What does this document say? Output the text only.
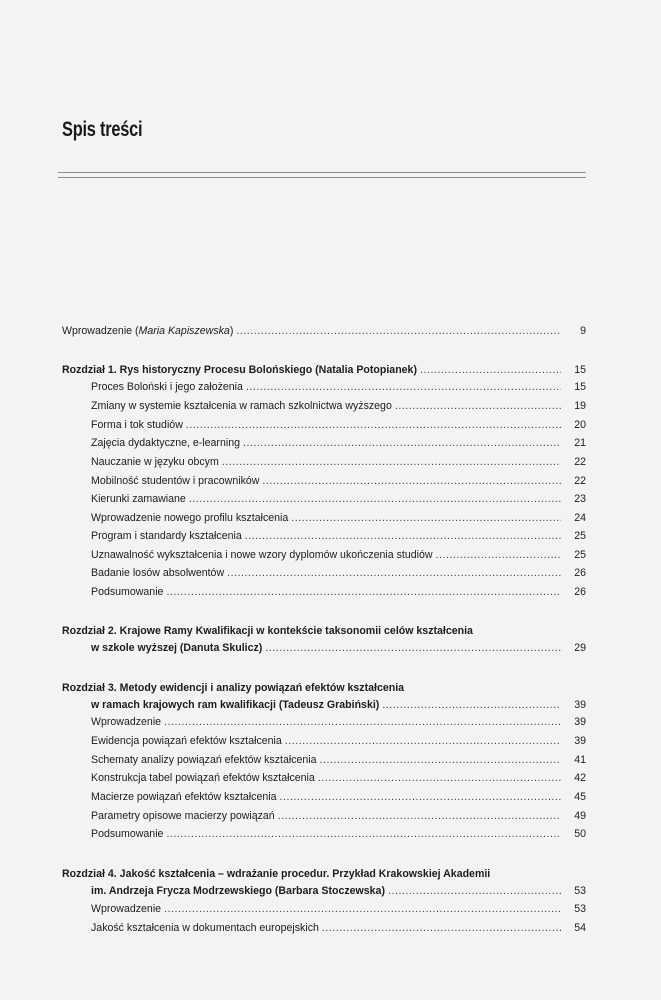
Spis treści
Wprowadzenie (Maria Kapiszewska) . . .	9
Rozdział 1. Rys historyczny Procesu Bolońskiego (Natalia Potopianek) . . .	15
Proces Boloński i jego założenia . . .	15
Zmiany w systemie kształcenia w ramach szkolnictwa wyższego . . .	19
Forma i tok studiów . . .	20
Zajęcia dydaktyczne, e-learning . . .	21
Nauczanie w języku obcym . . .	22
Mobilność studentów i pracowników . . .	22
Kierunki zamawiane . . .	23
Wprowadzenie nowego profilu kształcenia . . .	24
Program i standardy kształcenia . . .	25
Uznawalność wykształcenia i nowe wzory dyplomów ukończenia studiów . . .	25
Badanie losów absolwentów . . .	26
Podsumowanie . . .	26
Rozdział 2. Krajowe Ramy Kwalifikacji w kontekście taksonomii celów kształcenia
w szkole wyższej (Danuta Skulicz) . . .	29
Rozdział 3. Metody ewidencji i analizy powiązań efektów kształcenia
w ramach krajowych ram kwalifikacji (Tadeusz Grabiński) . . .	39
Wprowadzenie . . .	39
Ewidencja powiązań efektów kształcenia . . .	39
Schematy analizy powiązań efektów kształcenia . . .	41
Konstrukcja tabel powiązań efektów kształcenia . . .	42
Macierze powiązań efektów kształcenia . . .	45
Parametry opisowe macierzy powiązań . . .	49
Podsumowanie . . .	50
Rozdział 4. Jakość kształcenia – wdrażanie procedur. Przykład Krakowskiej Akademii
im. Andrzeja Frycza Modrzewskiego (Barbara Stoczewska) . . .	53
Wprowadzenie . . .	53
Jakość kształcenia w dokumentach europejskich . . .	54
